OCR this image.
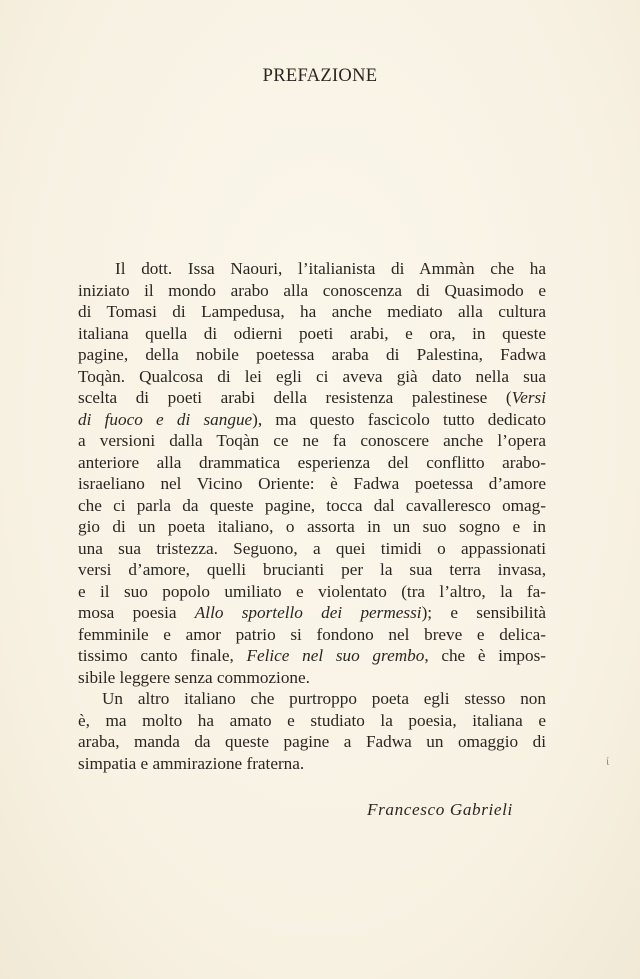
PREFAZIONE

Il dott. Issa Naouri, l’italianista di Ammàn che ha
iniziato il mondo arabo alla conoscenza di Quasimodo e
di Tomasi di Lampedusa, ha anche mediato alla cultura
italiana quella di odierni poeti arabi, e ora, in queste
pagine, della nobile poetessa araba di Palestina, Fadwa
Toqàn. Qualcosa di lei egli ci aveva già dato nella sua
scelta di poeti arabi della resistenza palestinese (Versi
di fuoco e di sangue), ma questo fascicolo tutto dedicato
a versioni dalla Toqàn ce ne fa conoscere anche l’opera
anteriore alla drammatica esperienza del conflitto arabo-
israeliano nel Vicino Oriente: è Fadwa poetessa d’amore
che ci parla da queste pagine, tocca dal cavalleresco omag-
gio di un poeta italiano, o assorta in un suo sogno e in
una sua tristezza. Seguono, a quei timidi o appassionati
versi d’amore, quelli brucianti per la sua terra invasa,
e il suo popolo umiliato e violentato (tra l’altro, la fa-
mosa poesia Allo sportello dei permessi); e sensibilità
femminile e amor patrio si fondono nel breve e delica-
tissimo canto finale, Felice nel suo grembo, che è impos-
sibile leggere senza commozione.

Un altro italiano che purtroppo poeta egli stesso non
è, ma molto ha amato e studiato la poesia, italiana e
araba, manda da queste pagine a Fadwa un omaggio di
simpatia e ammirazione fraterna.

Francesco Gabrieli

ί
